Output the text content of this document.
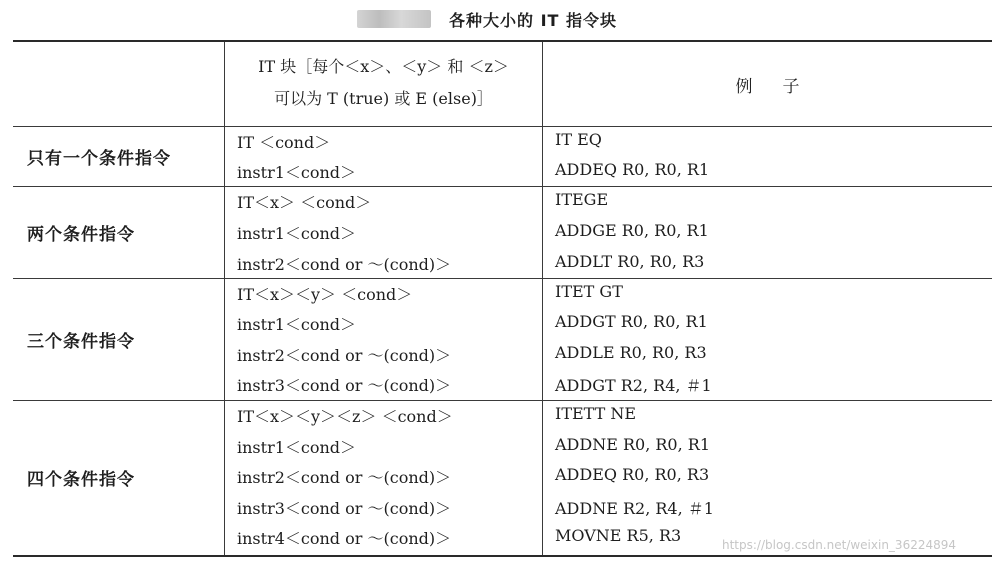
各种大小的 IT 指令块
IT 块［每个＜x＞、＜y＞ 和 ＜z＞
可以为 T (true) 或 E (else)］
例子
只有一个条件指令
IT ＜cond＞
instr1＜cond＞
IT EQ
ADDEQ R0, R0, R1
两个条件指令
IT＜x＞ ＜cond＞
instr1＜cond＞
instr2＜cond or ～(cond)＞
ITEGE
ADDGE R0, R0, R1
ADDLT R0, R0, R3
三个条件指令
IT＜x＞＜y＞ ＜cond＞
instr1＜cond＞
instr2＜cond or ～(cond)＞
instr3＜cond or ～(cond)＞
ITET GT
ADDGT R0, R0, R1
ADDLE R0, R0, R3
ADDGT R2, R4, ＃1
四个条件指令
IT＜x＞＜y＞＜z＞ ＜cond＞
instr1＜cond＞
instr2＜cond or ～(cond)＞
instr3＜cond or ～(cond)＞
instr4＜cond or ～(cond)＞
ITETT NE
ADDNE R0, R0, R1
ADDEQ R0, R0, R3
ADDNE R2, R4, ＃1
MOVNE R5, R3	https://blog.csdn.net/weixin_36224894
